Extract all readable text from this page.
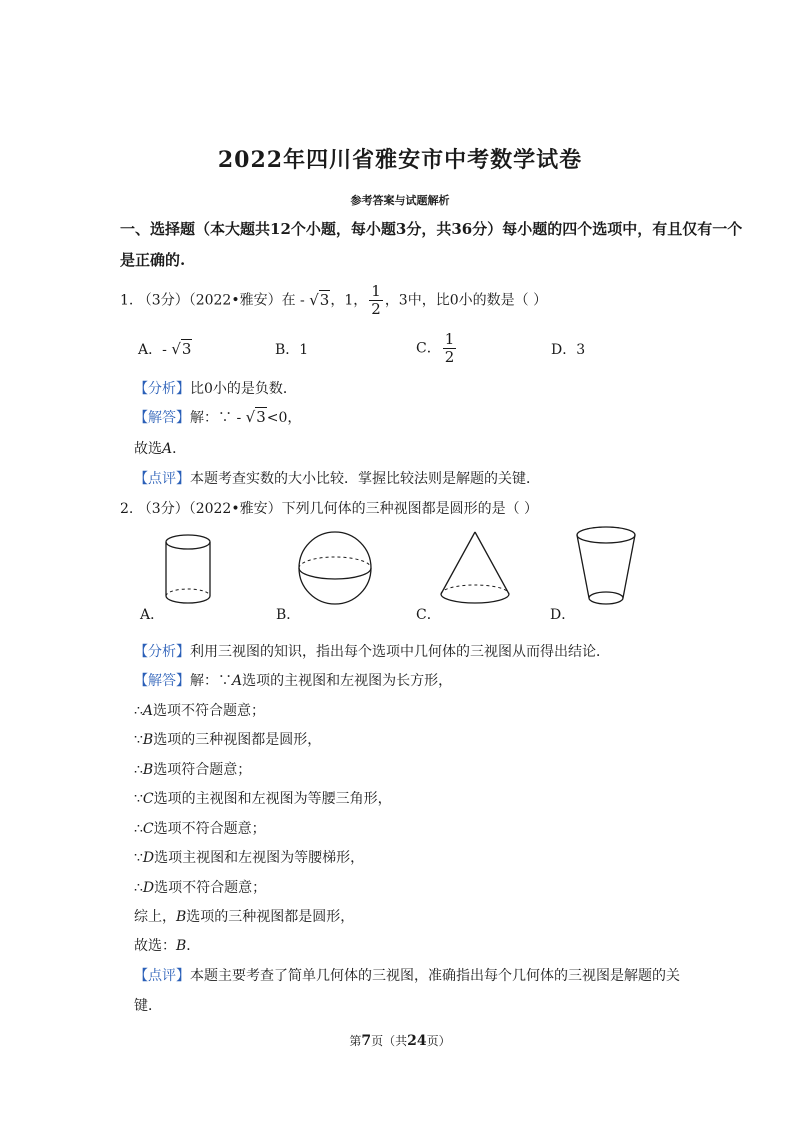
2022年四川省雅安市中考数学试卷
参考答案与试题解析
一、选择题（本大题共12个小题，每小题3分，共36分）每小题的四个选项中，有且仅有一个
是正确的.
1. （3分）（2022•雅安）在 - √3，1， $\frac{1}{2}$ ，3中，比0小的数是（ ）
A．- √3	B．1	C． $\frac{1}{2}$	D．3
【分析】比0小的是负数．
【解答】解：∵ - √3<0，
故选A．
【点评】本题考查实数的大小比较．掌握比较法则是解题的关键．
2. （3分）（2022•雅安）下列几何体的三种视图都是圆形的是（ ）
A．	B．	C．	D．
【分析】利用三视图的知识，指出每个选项中几何体的三视图从而得出结论．
【解答】解：∵A选项的主视图和左视图为长方形，
∴A选项不符合题意；
∵B选项的三种视图都是圆形，
∴B选项符合题意；
∵C选项的主视图和左视图为等腰三角形，
∴C选项不符合题意；
∵D选项主视图和左视图为等腰梯形，
∴D选项不符合题意；
综上，B选项的三种视图都是圆形，
故选：B．
【点评】本题主要考查了简单几何体的三视图，准确指出每个几何体的三视图是解题的关
键．
第7页（共24页）
